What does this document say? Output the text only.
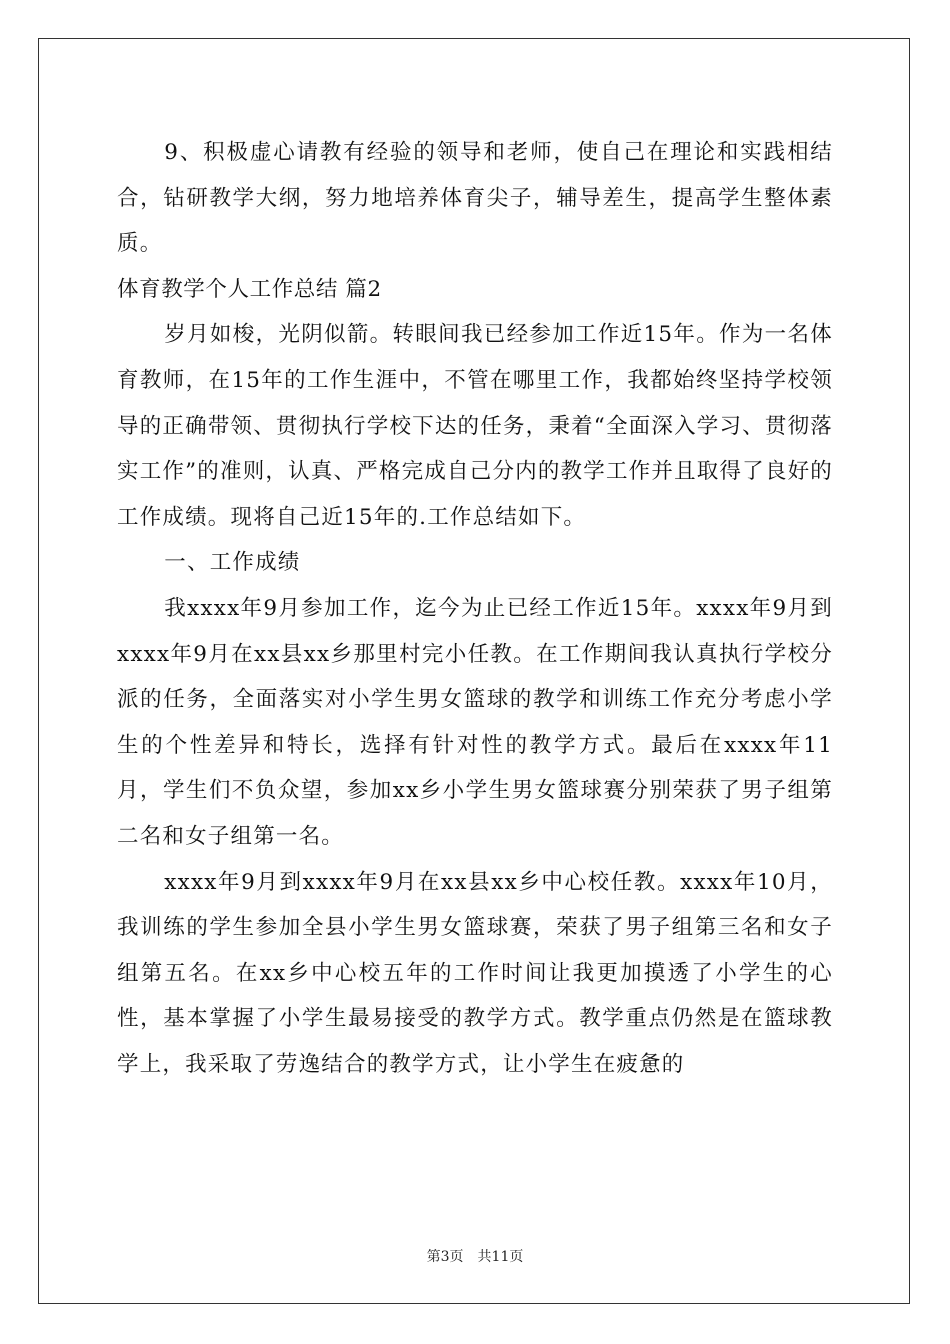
9、积极虚心请教有经验的领导和老师，使自己在理论和实践相结合，钻研教学大纲，努力地培养体育尖子，辅导差生，提高学生整体素质。

体育教学个人工作总结 篇2

岁月如梭，光阴似箭。转眼间我已经参加工作近15年。作为一名体育教师，在15年的工作生涯中，不管在哪里工作，我都始终坚持学校领导的正确带领、贯彻执行学校下达的任务，秉着“全面深入学习、贯彻落实工作”的准则，认真、严格完成自己分内的教学工作并且取得了良好的工作成绩。现将自己近15年的.工作总结如下。

一、工作成绩

我xxxx年9月参加工作，迄今为止已经工作近15年。xxxx年9月到xxxx年9月在xx县xx乡那里村完小任教。在工作期间我认真执行学校分派的任务，全面落实对小学生男女篮球的教学和训练工作充分考虑小学生的个性差异和特长，选择有针对性的教学方式。最后在xxxx年11月，学生们不负众望，参加xx乡小学生男女篮球赛分别荣获了男子组第二名和女子组第一名。

xxxx年9月到xxxx年9月在xx县xx乡中心校任教。xxxx年10月，我训练的学生参加全县小学生男女篮球赛，荣获了男子组第三名和女子组第五名。在xx乡中心校五年的工作时间让我更加摸透了小学生的心性，基本掌握了小学生最易接受的教学方式。教学重点仍然是在篮球教学上，我采取了劳逸结合的教学方式，让小学生在疲惫的

第3页 共11页
